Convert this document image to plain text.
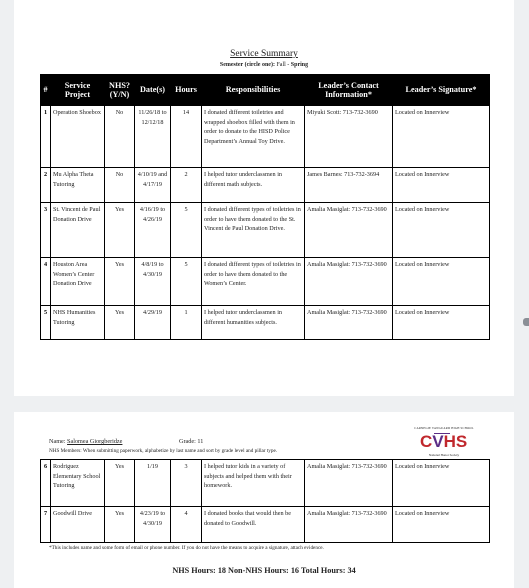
Service Summary
Semester (circle one): Fall - Spring
#	Service Project	NHS? (Y/N)	Date(s)	Hours	Responsibilities	Leader’s Contact Information*	Leader’s Signature*
1	Operation Shoebox	No	11/26/18 to 12/12/18	14	I donated different toiletries and wrapped shoebox filled with them in order to donate to the HISD Police Department’s Annual Toy Drive.	Miyuki Scott: 713-732-3690	Located on Innerview
2	Mu Alpha Theta Tutoring	No	4/10/19 and 4/17/19	2	I helped tutor underclassmen in different math subjects.	James Barnes: 713-732-3694	Located on Innerview
3	St. Vincent de Paul Donation Drive	Yes	4/16/19 to 4/26/19	5	I donated different types of toiletries in order to have them donated to the St. Vincent de Paul Donation Drive.	Amalia Masiglat: 713-732-3690	Located on Innerview
4	Houston Area Women’s Center Donation Drive	Yes	4/8/19 to 4/30/19	5	I donated different types of toiletries in order to have them donated to the Women’s Center.	Amalia Masiglat: 713-732-3690	Located on Innerview
5	NHS Humanities Tutoring	Yes	4/29/19	1	I helped tutor underclassmen in different humanities subjects.	Amalia Masiglat: 713-732-3690	Located on Innerview
Name: Salomea Giorgberidze	Grade: 11
NHS Members: When submitting paperwork, alphabetize by last name and sort by grade level and pillar type.
CARNEGIE VANGUARD HIGH SCHOOL
CVHS
National Honor Society
6	Rodriguez Elementary School Tutoring	Yes	1/19	3	I helped tutor kids in a variety of subjects and helped them with their homework.	Amalia Masiglat: 713-732-3690	Located on Innerview
7	Goodwill Drive	Yes	4/23/19 to 4/30/19	4	I donated books that would then be donated to Goodwill.	Amalia Masiglat: 713-732-3690	Located on Innerview
*This includes name and some form of email or phone number. If you do not have the means to acquire a signature, attach evidence.
NHS Hours: 18 Non-NHS Hours: 16 Total Hours: 34
